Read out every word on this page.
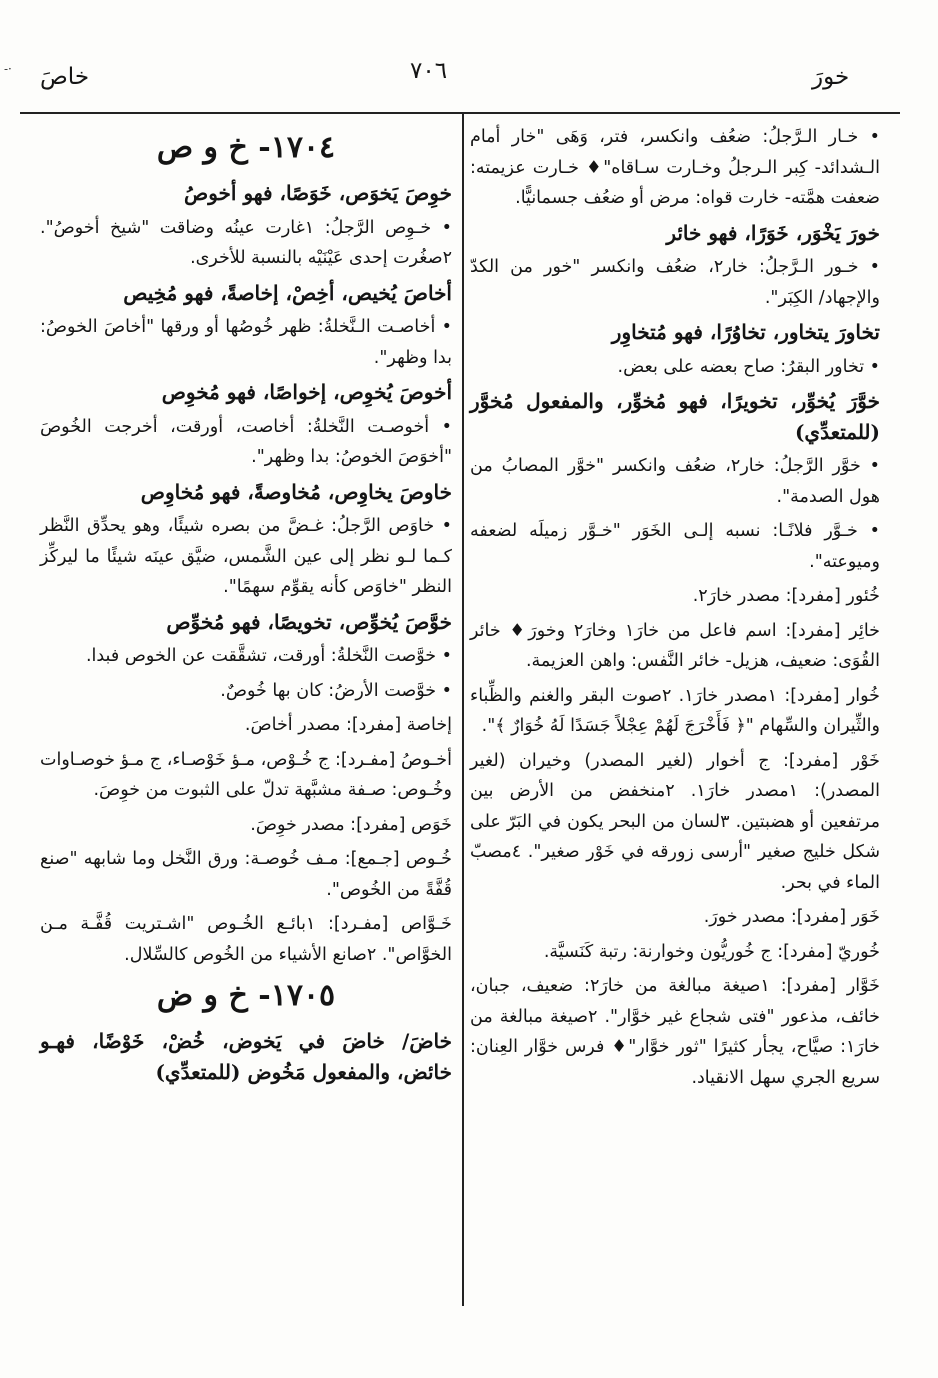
-· خاصَ	٧٠٦	خورَ

• خـار الـرَّجلُ: ضعُف وانكسر، فتر، وَهَى "خار أمام الـشدائد- كِبر الـرجلُ وخـارت سـاقاه"♦ خـارت عزيمته: ضعفت همَّته- خارت قواه: مرض أو ضعُف جسمانيًّا.

خورَ يَخْوَر، خَوَرًا، فهو خائر

• خـور الـرَّجلُ: خار٢، ضعُف وانكسر "خور من الكدّ والإجهاد/ الكِبَر".

تخاورَ يتخاور، تخاوُرًا، فهو مُتخاوِر

• تخاور البقرُ: صاح بعضه على بعض.

خوَّرَ يُخوِّر، تخويرًا، فهو مُخوِّر، والمفعول مُخوَّر (للمتعدِّي)

• خوَّر الرَّجلُ: خار٢، ضعُف وانكسر "خوَّر المصابُ من هول الصدمة".

• خـوَّر فلانًـا: نسبه إلـى الخَوَر "خـوَّر زميلَه لضعفه وميوعته".

خُئور [مفرد]: مصدر خارَ٢.

خائِر [مفرد]: اسم فاعل من خارَ١ وخارَ٢ وخورَ♦ خائر القُوَى: ضعيف، هزيل- خائر النَّفس: واهن العزيمة.

خُوار [مفرد]: ١مصدر خارَ١. ٢صوت البقر والغنم والظِّباء والثِّيران والسِّهام "﴿ فَأَخْرَجَ لَهُمْ عِجْلاً جَسَدًا لَهُ خُوَارٌ ﴾".

خَوْر [مفرد]: ج أخوار (لغير المصدر) وخيران (لغير المصدر): ١مصدر خارَ١. ٢منخفض من الأرض بين مرتفعين أو هضبتين. ٣لسان من البحر يكون في البَرّ على شكل خليج صغير "أرسى زورقه في خَوْر صغير". ٤مصبّ الماء في بحر.

خَوَر [مفرد]: مصدر خورَ.

خُوريّ [مفرد]: ج خُوريُّون وخوارنة: رتبة كَنَسيَّة.

خَوَّار [مفرد]: ١صيغة مبالغة من خارَ٢: ضعيف، جبان، خائف، مذعور "فتى شجاع غير خوَّار". ٢صيغة مبالغة من خارَ١: صيَّاح، يجأر كثيرًا "ثور خوَّار"♦ فرس خوَّار العِنان: سريع الجري سهل الانقياد.

١٧٠٤- خ و ص

خوِصَ يَخوَص، خَوَصًا، فهو أخوصُ

• خـوِص الرَّجلُ: ١غارت عينُه وضاقت "شيخ أخوصُ". ٢صغُرت إحدى عَيْنَيْه بالنسبة للأخرى.

أخاصَ يُخيص، أخِصْ، إخاصةً، فهو مُخِيص

• أخاصـت الـنَّخلةُ: ظهر خُوصُها أو ورقها "أخاصَ الخوصُ: بدا وظهر".

أخوصَ يُخوِص، إخواصًا، فهو مُخوِص

• أخوصـت النَّخلةُ: أخاصت، أورقت، أخرجت الخُوصَ "أخوَصَ الخوصُ: بدا وظهر".

خاوصَ يخاوِص، مُخاوصةً، فهو مُخاوِص

• خاوَص الرَّجلُ: غـضَّ من بصره شيئًا، وهو يحدِّق النَّظر كـما لـو نظر إلى عين الشَّمس، ضيَّق عينَه شيئًا ما ليركِّز النظر "خاوَص كأنه يقوِّم سهمًا".

خوَّصَ يُخوِّص، تخويصًا، فهو مُخوِّص

• خوَّصت النَّخلةُ: أورقت، تشقَّقت عن الخوص فبدا.

• خوَّصت الأرضُ: كان بها خُوصٌ.

إخاصة [مفرد]: مصدر أخاصَ.

أخـوصُ [مفـرد]: ج خُـوْص، مـؤ خَوْصـاء، ج مـؤ خوصـاوات وخُـوص: صـفة مشبَّهة تدلّ على الثبوت من خوِصَ.

خَوَص [مفرد]: مصدر خوِصَ.

خُـوص [جـمع]: مـف خُوصـة: ورق النَّخل وما شابهه "صنع قُفَّةً من الخُوص".

خَـوَّاص [مفـرد]: ١بائـع الخُـوص "اشـتريت قُفَّـة مـن الخوَّاص". ٢صانع الأشياء من الخُوص كالسِّلال.

١٧٠٥- خ و ض

خاضَ/ خاضَ في يَخوض، خُضْ، خَوْضًا، فهـو خائض، والمفعول مَخُوض (للمتعدِّي)
